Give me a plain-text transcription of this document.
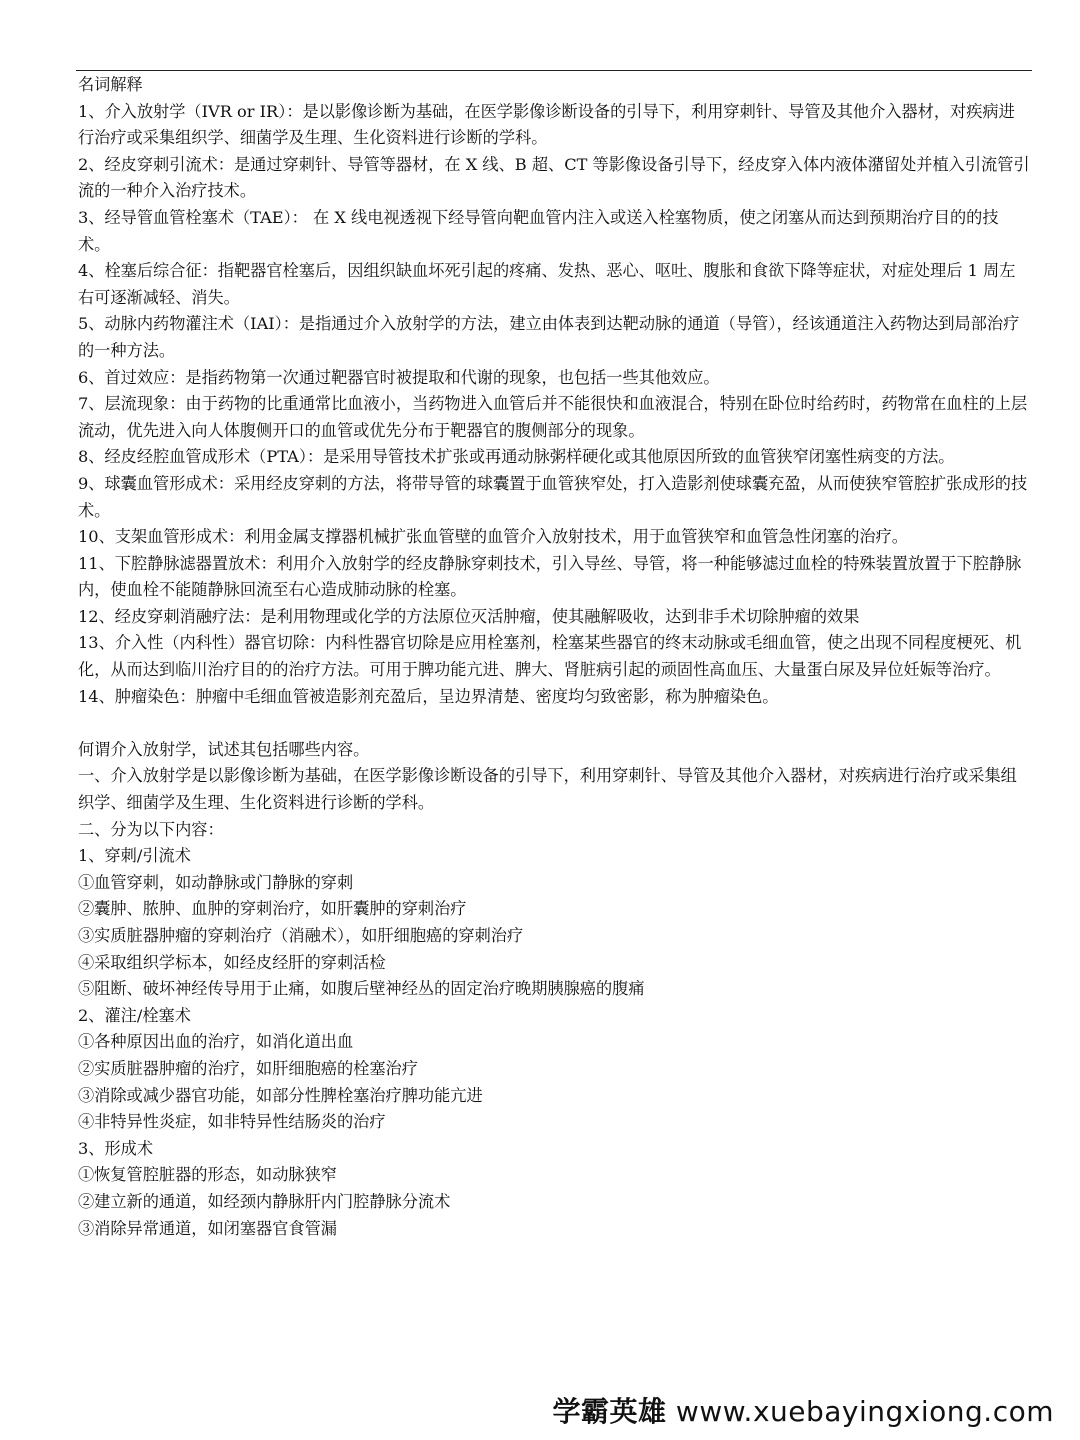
名词解释

1、介入放射学（IVR or IR）：是以影像诊断为基础，在医学影像诊断设备的引导下，利用穿刺针、导管及其他介入器材，对疾病进行治疗或采集组织学、细菌学及生理、生化资料进行诊断的学科。

2、经皮穿刺引流术：是通过穿刺针、导管等器材，在 X 线、B 超、CT 等影像设备引导下，经皮穿入体内液体潴留处并植入引流管引流的一种介入治疗技术。

3、经导管血管栓塞术（TAE）： 在 X 线电视透视下经导管向靶血管内注入或送入栓塞物质，使之闭塞从而达到预期治疗目的的技术。

4、栓塞后综合征：指靶器官栓塞后，因组织缺血坏死引起的疼痛、发热、恶心、呕吐、腹胀和食欲下降等症状，对症处理后 1 周左右可逐渐减轻、消失。

5、动脉内药物灌注术（IAI）：是指通过介入放射学的方法，建立由体表到达靶动脉的通道（导管），经该通道注入药物达到局部治疗的一种方法。

6、首过效应：是指药物第一次通过靶器官时被提取和代谢的现象，也包括一些其他效应。

7、层流现象：由于药物的比重通常比血液小，当药物进入血管后并不能很快和血液混合，特别在卧位时给药时，药物常在血柱的上层流动，优先进入向人体腹侧开口的血管或优先分布于靶器官的腹侧部分的现象。

8、经皮经腔血管成形术（PTA）：是采用导管技术扩张或再通动脉粥样硬化或其他原因所致的血管狭窄闭塞性病变的方法。

9、球囊血管形成术：采用经皮穿刺的方法，将带导管的球囊置于血管狭窄处，打入造影剂使球囊充盈，从而使狭窄管腔扩张成形的技术。

10、支架血管形成术：利用金属支撑器机械扩张血管壁的血管介入放射技术，用于血管狭窄和血管急性闭塞的治疗。

11、下腔静脉滤器置放术：利用介入放射学的经皮静脉穿刺技术，引入导丝、导管，将一种能够滤过血栓的特殊装置放置于下腔静脉内，使血栓不能随静脉回流至右心造成肺动脉的栓塞。

12、经皮穿刺消融疗法：是利用物理或化学的方法原位灭活肿瘤，使其融解吸收，达到非手术切除肿瘤的效果

13、介入性（内科性）器官切除：内科性器官切除是应用栓塞剂，栓塞某些器官的终末动脉或毛细血管，使之出现不同程度梗死、机化，从而达到临川治疗目的的治疗方法。可用于脾功能亢进、脾大、肾脏病引起的顽固性高血压、大量蛋白尿及异位妊娠等治疗。

14、肿瘤染色：肿瘤中毛细血管被造影剂充盈后，呈边界清楚、密度均匀致密影，称为肿瘤染色。

何谓介入放射学，试述其包括哪些内容。

一、介入放射学是以影像诊断为基础，在医学影像诊断设备的引导下，利用穿刺针、导管及其他介入器材，对疾病进行治疗或采集组织学、细菌学及生理、生化资料进行诊断的学科。

二、分为以下内容：

1、穿刺/引流术

①血管穿刺，如动静脉或门静脉的穿刺

②囊肿、脓肿、血肿的穿刺治疗，如肝囊肿的穿刺治疗

③实质脏器肿瘤的穿刺治疗（消融术），如肝细胞癌的穿刺治疗

④采取组织学标本，如经皮经肝的穿刺活检

⑤阻断、破坏神经传导用于止痛，如腹后壁神经丛的固定治疗晚期胰腺癌的腹痛

2、灌注/栓塞术

①各种原因出血的治疗，如消化道出血

②实质脏器肿瘤的治疗，如肝细胞癌的栓塞治疗

③消除或减少器官功能，如部分性脾栓塞治疗脾功能亢进

④非特异性炎症，如非特异性结肠炎的治疗

3、形成术

①恢复管腔脏器的形态，如动脉狭窄

②建立新的通道，如经颈内静脉肝内门腔静脉分流术

③消除异常通道，如闭塞器官食管漏

学霸英雄 www.xuebayingxiong.com
